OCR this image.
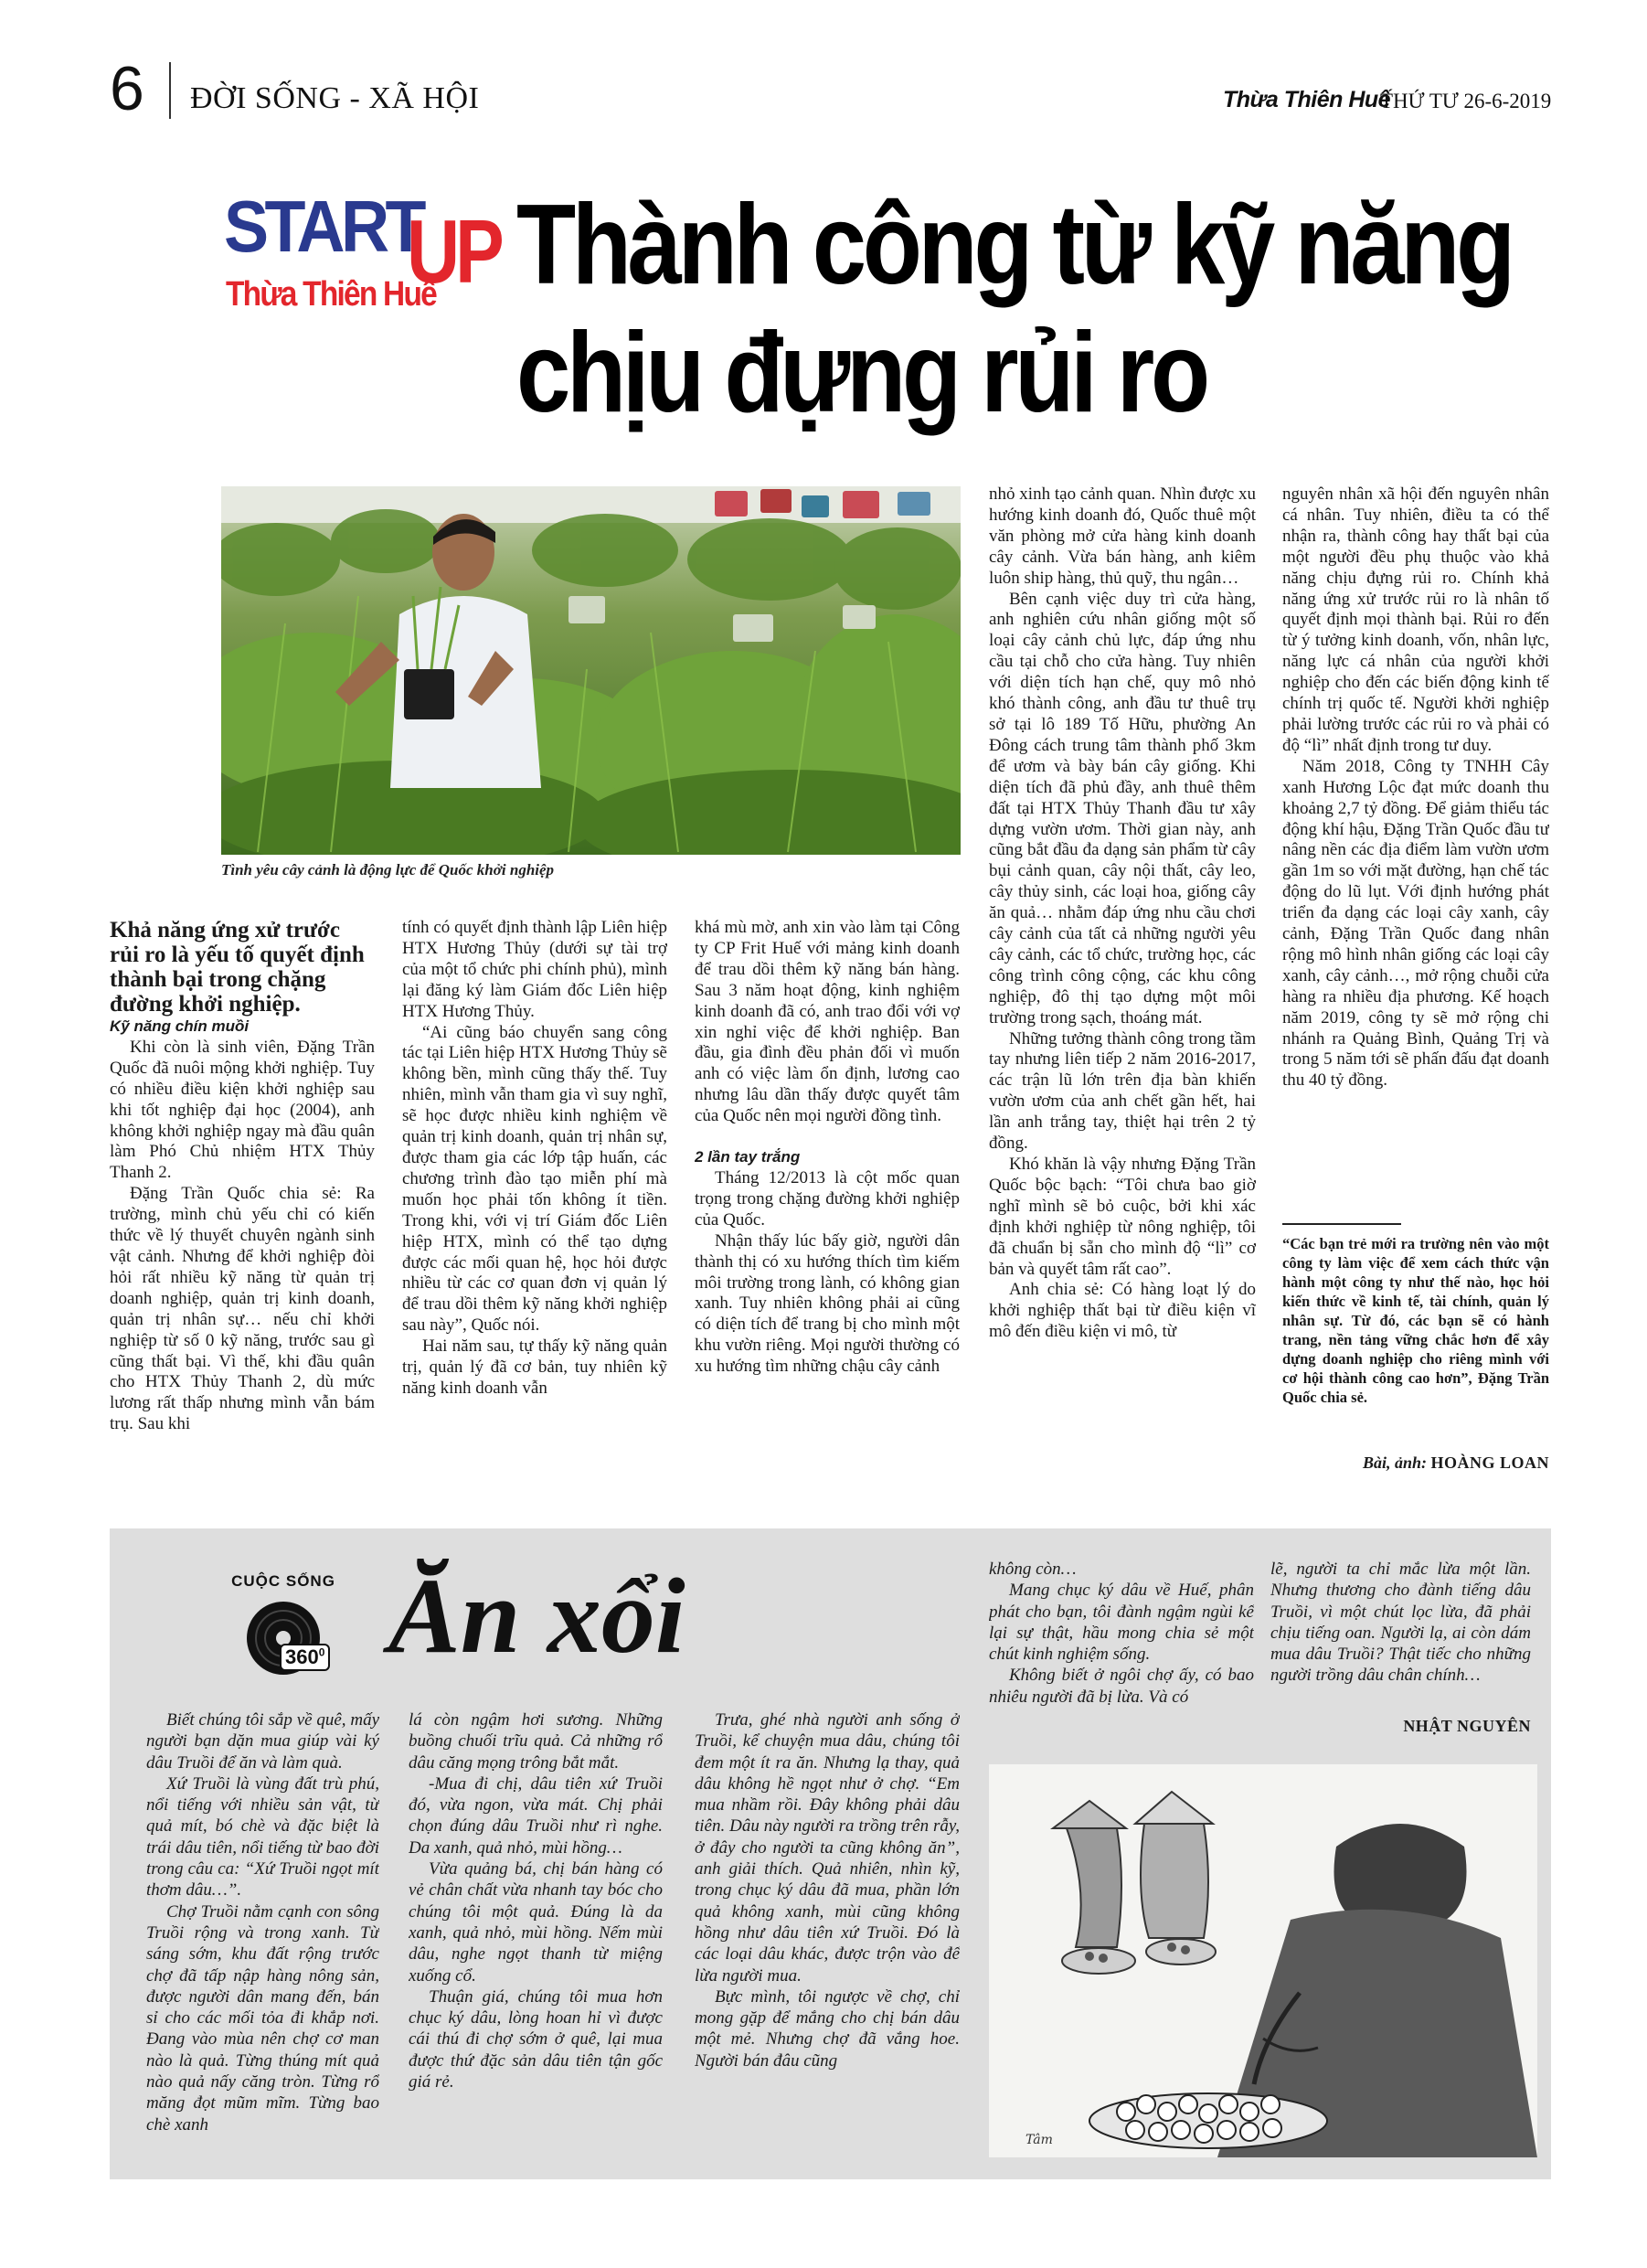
6 ĐỜI SỐNG - XÃ HỘI	Thừa Thiên Huế
THỨ TƯ 26-6-2019
START
UP
Thừa Thiên Huế Thành công từ kỹ năng
chịu đựng rủi ro
Tình yêu cây cảnh là động lực để Quốc khởi nghiệp

Khả năng ứng xử trước rủi ro là yếu tố quyết định thành bại trong chặng đường khởi nghiệp.

Kỹ năng chín muồi

Khi còn là sinh viên, Đặng Trần Quốc đã nuôi mộng khởi nghiệp. Tuy có nhiều điều kiện khởi nghiệp sau khi tốt nghiệp đại học (2004), anh không khởi nghiệp ngay mà đầu quân làm Phó Chủ nhiệm HTX Thủy Thanh 2.

Đặng Trần Quốc chia sẻ: Ra trường, mình chủ yếu chỉ có kiến thức về lý thuyết chuyên ngành sinh vật cảnh. Nhưng để khởi nghiệp đòi hỏi rất nhiều kỹ năng từ quản trị doanh nghiệp, quản trị kinh doanh, quản trị nhân sự… nếu chỉ khởi nghiệp từ số 0 kỹ năng, trước sau gì cũng thất bại. Vì thế, khi đầu quân cho HTX Thủy Thanh 2, dù mức lương rất thấp nhưng mình vẫn bám trụ. Sau khi

tính có quyết định thành lập Liên hiệp HTX Hương Thủy (dưới sự tài trợ của một tổ chức phi chính phủ), mình lại đăng ký làm Giám đốc Liên hiệp HTX Hương Thủy.

“Ai cũng báo chuyển sang công tác tại Liên hiệp HTX Hương Thủy sẽ không bền, mình cũng thấy thế. Tuy nhiên, mình vẫn tham gia vì suy nghĩ, sẽ học được nhiều kinh nghiệm về quản trị kinh doanh, quản trị nhân sự, được tham gia các lớp tập huấn, các chương trình đào tạo miễn phí mà muốn học phải tốn không ít tiền. Trong khi, với vị trí Giám đốc Liên hiệp HTX, mình có thể tạo dựng được các mối quan hệ, học hỏi được nhiều từ các cơ quan đơn vị quản lý để trau dồi thêm kỹ năng khởi nghiệp sau này”, Quốc nói.

Hai năm sau, tự thấy kỹ năng quản trị, quản lý đã cơ bản, tuy nhiên kỹ năng kinh doanh vẫn

khá mù mờ, anh xin vào làm tại Công ty CP Frit Huế với mảng kinh doanh để trau dồi thêm kỹ năng bán hàng. Sau 3 năm hoạt động, kinh nghiệm kinh doanh đã có, anh trao đổi với vợ xin nghỉ việc để khởi nghiệp. Ban đầu, gia đình đều phản đối vì muốn anh có việc làm ổn định, lương cao nhưng lâu dần thấy được quyết tâm của Quốc nên mọi người đồng tình.

2 lần tay trắng

Tháng 12/2013 là cột mốc quan trọng trong chặng đường khởi nghiệp của Quốc.

Nhận thấy lúc bấy giờ, người dân thành thị có xu hướng thích tìm kiếm môi trường trong lành, có không gian xanh. Tuy nhiên không phải ai cũng có diện tích để trang bị cho mình một khu vườn riêng. Mọi người thường có xu hướng tìm những chậu cây cảnh

nhỏ xinh tạo cảnh quan. Nhìn được xu hướng kinh doanh đó, Quốc thuê một văn phòng mở cửa hàng kinh doanh cây cảnh. Vừa bán hàng, anh kiêm luôn ship hàng, thủ quỹ, thu ngân…

Bên cạnh việc duy trì cửa hàng, anh nghiên cứu nhân giống một số loại cây cảnh chủ lực, đáp ứng nhu cầu tại chỗ cho cửa hàng. Tuy nhiên với diện tích hạn chế, quy mô nhỏ khó thành công, anh đầu tư thuê trụ sở tại lô 189 Tố Hữu, phường An Đông cách trung tâm thành phố 3km để ươm và bày bán cây giống. Khi diện tích đã phủ đầy, anh thuê thêm đất tại HTX Thủy Thanh đầu tư xây dựng vườn ươm. Thời gian này, anh cũng bắt đầu đa dạng sản phẩm từ cây bụi cảnh quan, cây nội thất, cây leo, cây thủy sinh, các loại hoa, giống cây ăn quả… nhằm đáp ứng nhu cầu chơi cây cảnh của tất cả những người yêu cây cảnh, các tổ chức, trường học, các công trình công cộng, các khu công nghiệp, đô thị tạo dựng một môi trường trong sạch, thoáng mát.

Những tưởng thành công trong tầm tay nhưng liên tiếp 2 năm 2016-2017, các trận lũ lớn trên địa bàn khiến vườn ươm của anh chết gần hết, hai lần anh trắng tay, thiệt hại trên 2 tỷ đồng.

Khó khăn là vậy nhưng Đặng Trần Quốc bộc bạch: “Tôi chưa bao giờ nghĩ mình sẽ bỏ cuộc, bởi khi xác định khởi nghiệp từ nông nghiệp, tôi đã chuẩn bị sẵn cho mình độ “lì” cơ bản và quyết tâm rất cao”.

Anh chia sẻ: Có hàng loạt lý do khởi nghiệp thất bại từ điều kiện vĩ mô đến điều kiện vi mô, từ

nguyên nhân xã hội đến nguyên nhân cá nhân. Tuy nhiên, điều ta có thể nhận ra, thành công hay thất bại của một người đều phụ thuộc vào khả năng chịu đựng rủi ro. Chính khả năng ứng xử trước rủi ro là nhân tố quyết định mọi thành bại. Rủi ro đến từ ý tưởng kinh doanh, vốn, nhân lực, năng lực cá nhân của người khởi nghiệp cho đến các biến động kinh tế chính trị quốc tế. Người khởi nghiệp phải lường trước các rủi ro và phải có độ “lì” nhất định trong tư duy.

Năm 2018, Công ty TNHH Cây xanh Hương Lộc đạt mức doanh thu khoảng 2,7 tỷ đồng. Để giảm thiểu tác động khí hậu, Đặng Trần Quốc đầu tư nâng nền các địa điểm làm vườn ươm gần 1m so với mặt đường, hạn chế tác động do lũ lụt. Với định hướng phát triển đa dạng các loại cây xanh, cây cảnh, Đặng Trần Quốc đang nhân rộng mô hình nhân giống các loại cây xanh, cây cảnh…, mở rộng chuỗi cửa hàng ra nhiều địa phương. Kế hoạch năm 2019, công ty sẽ mở rộng chi nhánh ra Quảng Bình, Quảng Trị và trong 5 năm tới sẽ phấn đấu đạt doanh thu 40 tỷ đồng.

“Các bạn trẻ mới ra trường nên vào một công ty làm việc để xem cách thức vận hành một công ty như thế nào, học hỏi kiến thức về kinh tế, tài chính, quản lý nhân sự. Từ đó, các bạn sẽ có hành trang, nền tảng vững chắc hơn để xây dựng doanh nghiệp cho riêng mình với cơ hội thành công cao hơn”, Đặng Trần Quốc chia sẻ.

Bài, ảnh: HOÀNG LOAN
CUỘC SỐNG
$360^0$ Ăn xổi

Biết chúng tôi sắp về quê, mấy người bạn dặn mua giúp vài ký dâu Truồi để ăn và làm quà.

Xứ Truồi là vùng đất trù phú, nổi tiếng với nhiều sản vật, từ quả mít, bó chè và đặc biệt là trái dâu tiên, nổi tiếng từ bao đời trong câu ca: “Xứ Truồi ngọt mít thơm dâu…”.

Chợ Truồi nằm cạnh con sông Truồi rộng và trong xanh. Từ sáng sớm, khu đất rộng trước chợ đã tấp nập hàng nông sản, được người dân mang đến, bán sỉ cho các mối tỏa đi khắp nơi. Đang vào mùa nên chợ cơ man nào là quả. Từng thúng mít quả nào quả nấy căng tròn. Từng rổ măng đọt mũm mĩm. Từng bao chè xanh

lá còn ngậm hơi sương. Những buồng chuối trĩu quả. Cả những rổ dâu căng mọng trông bắt mắt.

-Mua đi chị, dâu tiên xứ Truồi đó, vừa ngon, vừa mát. Chị phải chọn đúng dâu Truồi như rì nghe. Da xanh, quả nhỏ, mùi hồng…

Vừa quảng bá, chị bán hàng có vẻ chân chất vừa nhanh tay bóc cho chúng tôi một quả. Đúng là da xanh, quả nhỏ, mùi hồng. Nếm mùi dâu, nghe ngọt thanh từ miệng xuống cổ.

Thuận giá, chúng tôi mua hơn chục ký dâu, lòng hoan hỉ vì được cái thú đi chợ sớm ở quê, lại mua được thứ đặc sản dâu tiên tận gốc giá rẻ.

Trưa, ghé nhà người anh sống ở Truồi, kể chuyện mua dâu, chúng tôi đem một ít ra ăn. Nhưng lạ thay, quả dâu không hề ngọt như ở chợ. “Em mua nhầm rồi. Đây không phải dâu tiên. Dâu này người ra trồng trên rẫy, ở đây cho người ta cũng không ăn”, anh giải thích. Quả nhiên, nhìn kỹ, trong chục ký dâu đã mua, phần lớn quả không xanh, mùi cũng không hồng như dâu tiên xứ Truồi. Đó là các loại dâu khác, được trộn vào để lừa người mua.

Bực mình, tôi ngược về chợ, chỉ mong gặp để mắng cho chị bán dâu một mẻ. Nhưng chợ đã vắng hoe. Người bán đâu cũng

không còn…

Mang chục ký dâu về Huế, phân phát cho bạn, tôi đành ngậm ngùi kể lại sự thật, hầu mong chia sẻ một chút kinh nghiệm sống.

Không biết ở ngôi chợ ấy, có bao nhiêu người đã bị lừa. Và có

lẽ, người ta chỉ mắc lừa một lần. Nhưng thương cho đành tiếng dâu Truồi, vì một chút lọc lừa, đã phải chịu tiếng oan. Người lạ, ai còn dám mua dâu Truồi? Thật tiếc cho những người trồng dâu chân chính…

NHẬT NGUYÊN
Tâm
